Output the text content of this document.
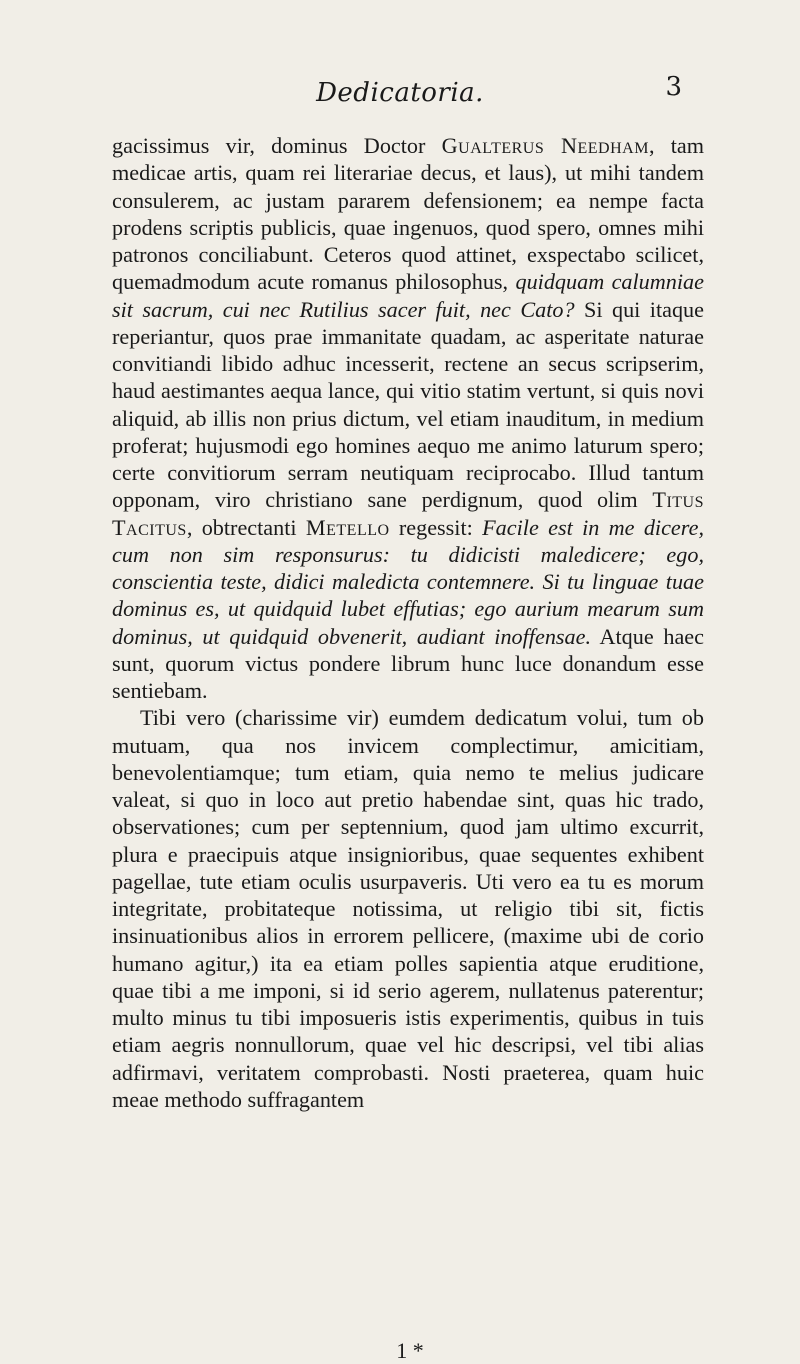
Dedicatoria.	3

gacissimus vir, dominus Doctor Gualterus Needham, tam medicae artis, quam rei literariae decus, et laus), ut mihi tandem consulerem, ac justam pararem defensionem; ea nempe facta prodens scriptis publicis, quae ingenuos, quod spero, omnes mihi patronos conciliabunt. Ceteros quod attinet, exspectabo scilicet, quemadmodum acute romanus philosophus, quidquam calumniae sit sacrum, cui nec Rutilius sacer fuit, nec Cato? Si qui itaque reperiantur, quos prae immanitate quadam, ac asperitate naturae convitiandi libido adhuc incesserit, rectene an secus scripserim, haud aestimantes aequa lance, qui vitio statim vertunt, si quis novi aliquid, ab illis non prius dictum, vel etiam inauditum, in medium proferat; hujusmodi ego homines aequo me animo laturum spero; certe convitiorum serram neutiquam reciprocabo. Illud tantum opponam, viro christiano sane perdignum, quod olim Titus Tacitus, obtrectanti Metello regessit: Facile est in me dicere, cum non sim responsurus: tu didicisti maledicere; ego, conscientia teste, didici maledicta contemnere. Si tu linguae tuae dominus es, ut quidquid lubet effutias; ego aurium mearum sum dominus, ut quidquid obvenerit, audiant inoffensae. Atque haec sunt, quorum victus pondere librum hunc luce donandum esse sentiebam.

Tibi vero (charissime vir) eumdem dedicatum volui, tum ob mutuam, qua nos invicem complectimur, amicitiam, benevolentiamque; tum etiam, quia nemo te melius judicare valeat, si quo in loco aut pretio habendae sint, quas hic trado, observationes; cum per septennium, quod jam ultimo excurrit, plura e praecipuis atque insignioribus, quae sequentes exhibent pagellae, tute etiam oculis usurpaveris. Uti vero ea tu es morum integritate, probitateque notissima, ut religio tibi sit, fictis insinuationibus alios in errorem pellicere, (maxime ubi de corio humano agitur,) ita ea etiam polles sapientia atque eruditione, quae tibi a me imponi, si id serio agerem, nullatenus paterentur; multo minus tu tibi imposueris istis experimentis, quibus in tuis etiam aegris nonnullorum, quae vel hic descripsi, vel tibi alias adfirmavi, veritatem comprobasti. Nosti praeterea, quam huic meae methodo suffragantem

1 *
